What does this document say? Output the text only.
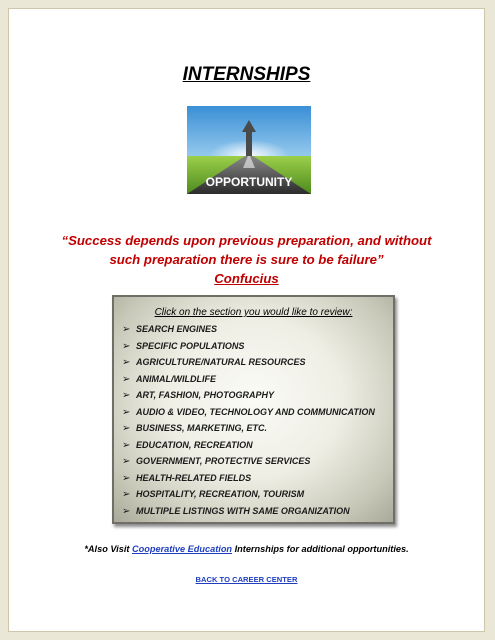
INTERNSHIPS
OPPORTUNITY
“Success depends upon previous preparation, and without
such preparation there is sure to be failure”
Confucius
Click on the section you would like to review:
➢ SEARCH ENGINES
➢ SPECIFIC POPULATIONS
➢ AGRICULTURE/NATURAL RESOURCES
➢ ANIMAL/WILDLIFE
➢ ART, FASHION, PHOTOGRAPHY
➢ AUDIO & VIDEO, TECHNOLOGY AND COMMUNICATION
➢ BUSINESS, MARKETING, ETC.
➢ EDUCATION, RECREATION
➢ GOVERNMENT, PROTECTIVE SERVICES
➢ HEALTH-RELATED FIELDS
➢ HOSPITALITY, RECREATION, TOURISM
➢ MULTIPLE LISTINGS WITH SAME ORGANIZATION
*Also Visit Cooperative Education Internships for additional opportunities.
BACK TO CAREER CENTER
